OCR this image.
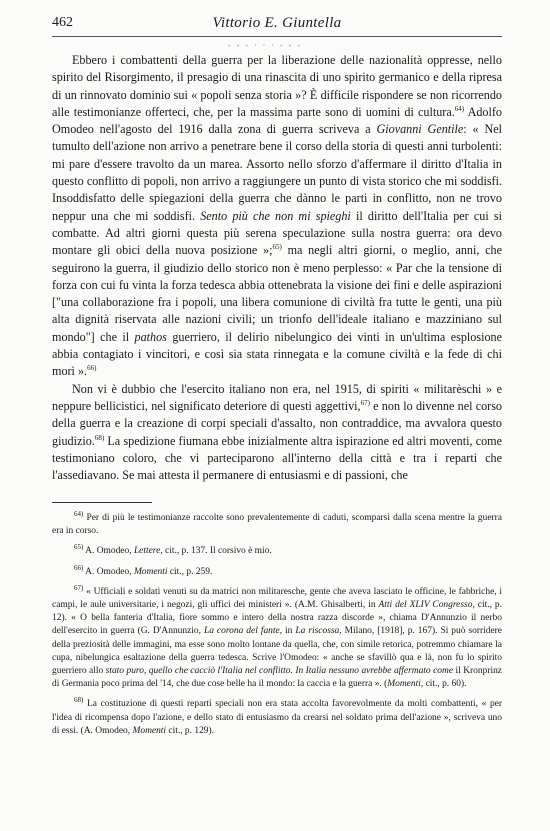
462	Vittorio E. Giuntella
- - - · · · - - -

Ebbero i combattenti della guerra per la liberazione delle nazionalità oppresse, nello spirito del Risorgimento, il presagio di una rinascita di uno spirito germanico e della ripresa di un rinnovato dominio sui « popoli senza storia »? È difficile rispondere se non ricorrendo alle testimonianze offerteci, che, per la massima parte sono di uomini di cultura.$^{64)}$ Adolfo Omodeo nell'agosto del 1916 dalla zona di guerra scriveva a Giovanni Gentile: « Nel tumulto dell'azione non arrivo a penetrare bene il corso della storia di questi anni turbolenti: mi pare d'essere travolto da un marea. Assorto nello sforzo d'affermare il diritto d'Italia in questo conflitto di popoli, non arrivo a raggiungere un punto di vista storico che mi soddisfi. Insoddisfatto delle spiegazioni della guerra che dànno le parti in conflitto, non ne trovo neppur una che mi soddisfi. Sento più che non mi spieghi il diritto dell'Italia per cui si combatte. Ad altri giorni questa più serena speculazione sulla nostra guerra: ora devo montare gli obici della nuova posizione »;$^{65)}$ ma negli altri giorni, o meglio, anni, che seguirono la guerra, il giudizio dello storico non è meno perplesso: « Par che la tensione di forza con cui fu vinta la forza tedesca abbia ottenebrata la visione dei fini e delle aspirazioni ["una collaborazione fra i popoli, una libera comunione di civiltà fra tutte le genti, una più alta dignità riservata alle nazioni civili; un trionfo dell'ideale italiano e mazziniano sul mondo"] che il pathos guerriero, il delirio nibelungico dei vinti in un'ultima esplosione abbia contagiato i vincitori, e così sia stata rinnegata e la comune civiltà e la fede di chi morì ».$^{66)}$

Non vi è dubbio che l'esercito italiano non era, nel 1915, di spiriti « militarèschi » e neppure bellicistici, nel significato deteriore di questi aggettivi,$^{67)}$ e non lo divenne nel corso della guerra e la creazione di corpi speciali d'assalto, non contraddice, ma avvalora questo giudizio.$^{68)}$ La spedizione fiumana ebbe inizialmente altra ispirazione ed altri moventi, come testimoniano coloro, che vi parteciparono all'interno della città e tra i reparti che l'assediavano. Se mai attesta il permanere di entusiasmi e di passioni, che

$^{64)}$ Per di più le testimonianze raccolte sono prevalentemente di caduti, scomparsi dalla scena mentre la guerra era in corso.

$^{65)}$ A. Omodeo, Lettere, cit., p. 137. Il corsivo è mio.

$^{66)}$ A. Omodeo, Momenti cit., p. 259.

$^{67)}$ « Ufficiali e soldati venuti su da matrici non militaresche, gente che aveva lasciato le officine, le fabbriche, i campi, le aule universitarie, i negozi, gli uffici dei ministeri ». (A.M. Ghisalberti, in Atti del XLIV Congresso, cit., p. 12). « O bella fanteria d'Italia, fiore sommo e intero della nostra razza discorde », chiama D'Annunzio il nerbo dell'esercito in guerra (G. D'Annunzio, La corona del fante, in La riscossa, Milano, [1918], p. 167). Si può sorridere della preziosità delle immagini, ma esse sono molto lontane da quella, che, con simile retorica, potremmo chiamare la cupa, nibelungica esaltazione della guerra tedesca. Scrive l'Omodeo: « anche se sfavillò qua e là, non fu lo spirito guerriero allo stato puro, quello che cacciò l'Italia nel conflitto. In Italia nessuno avrebbe affermato come il Kronprinz di Germania poco prima del '14, che due cose belle ha il mondo: la caccia e la guerra ». (Momenti, cit., p. 60).

$^{68)}$ La costituzione di questi reparti speciali non era stata accolta favorevolmente da molti combattenti, « per l'idea di ricompensa dopo l'azione, e dello stato di entusiasmo da crearsi nel soldato prima dell'azione », scriveva uno di essi. (A. Omodeo, Momenti cit., p. 129).
